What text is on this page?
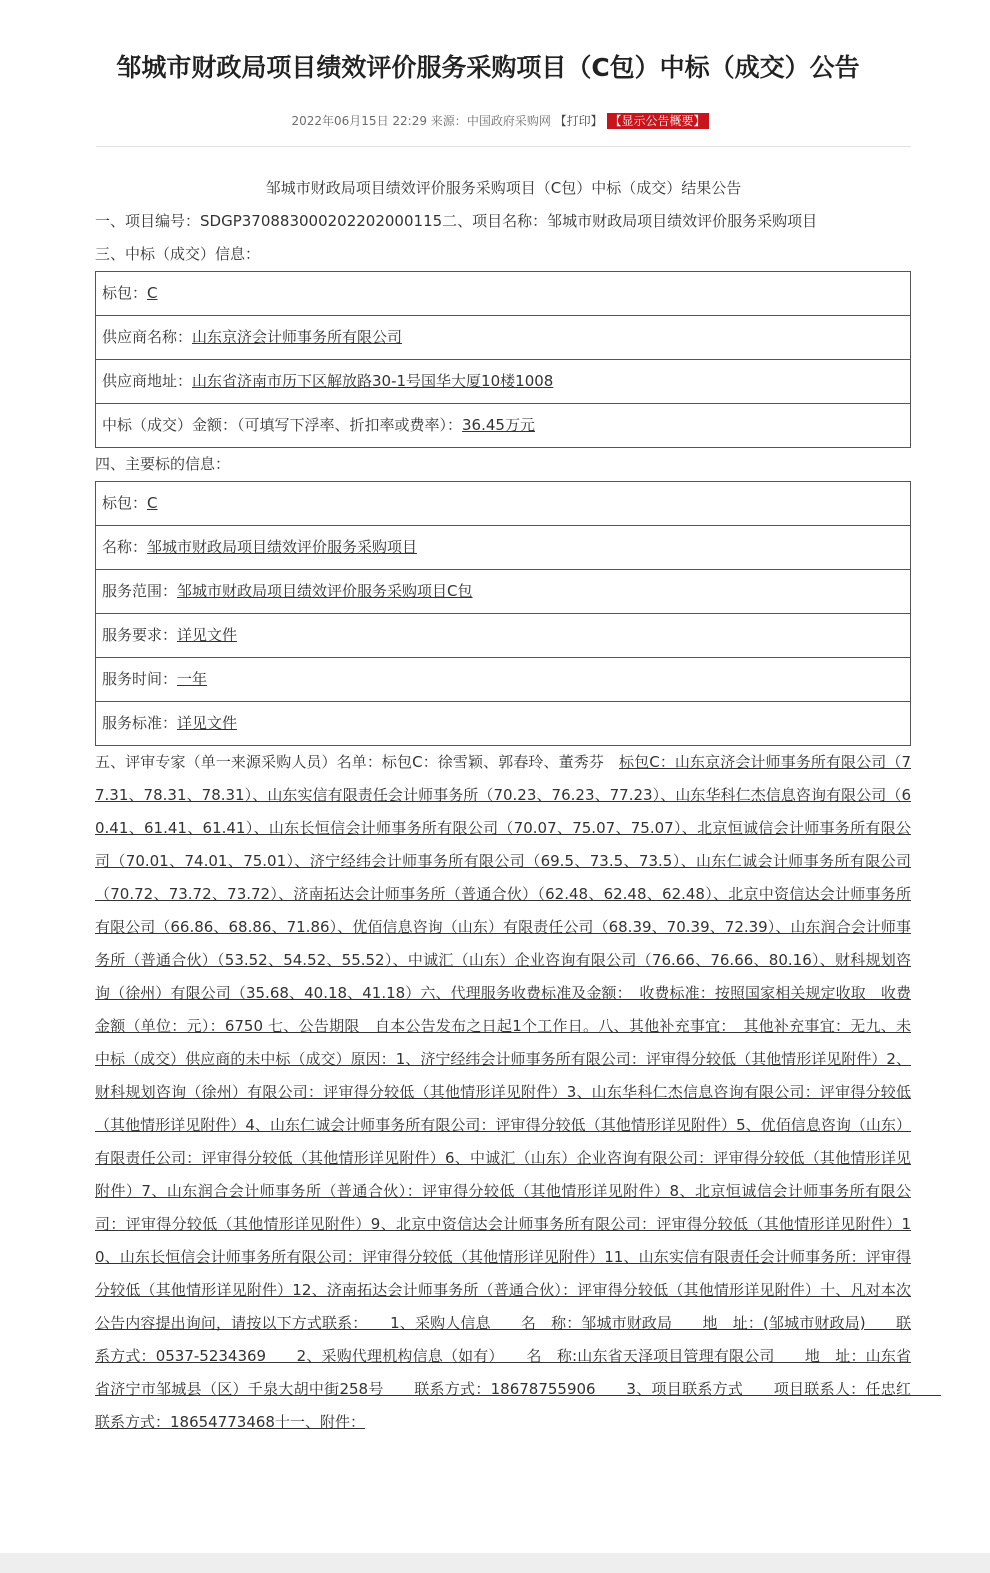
邹城市财政局项目绩效评价服务采购项目（C包）中标（成交）公告
2022年06月15日 22:29 来源：中国政府采购网 【打印】 【显示公告概要】
邹城市财政局项目绩效评价服务采购项目（C包）中标（成交）结果公告
一、项目编号：SDGP370883000202202000115二、项目名称：邹城市财政局项目绩效评价服务采购项目
三、中标（成交）信息：
标包：C
供应商名称：山东京济会计师事务所有限公司
供应商地址：山东省济南市历下区解放路30-1号国华大厦10楼1008
中标（成交）金额：（可填写下浮率、折扣率或费率）：36.45万元
四、主要标的信息：
标包：C
名称：邹城市财政局项目绩效评价服务采购项目
服务范围：邹城市财政局项目绩效评价服务采购项目C包
服务要求：详见文件
服务时间：一年
服务标准：详见文件
五、评审专家（单一来源采购人员）名单：标包C：徐雪颖、郭春玲、董秀芬　标包C：山东京济会计师事务所有限公司（77.31、78.31、78.31）、山东实信有限责任会计师事务所（70.23、76.23、77.23）、山东华科仁杰信息咨询有限公司（60.41、61.41、61.41）、山东长恒信会计师事务所有限公司（70.07、75.07、75.07）、北京恒诚信会计师事务所有限公司（70.01、74.01、75.01）、济宁经纬会计师事务所有限公司（69.5、73.5、73.5）、山东仁诚会计师事务所有限公司（70.72、73.72、73.72）、济南拓达会计师事务所（普通合伙）（62.48、62.48、62.48）、北京中资信达会计师事务所有限公司（66.86、68.86、71.86）、优佰信息咨询（山东）有限责任公司（68.39、70.39、72.39）、山东润合会计师事务所（普通合伙）（53.52、54.52、55.52）、中诚汇（山东）企业咨询有限公司（76.66、76.66、80.16）、财科规划咨询（徐州）有限公司（35.68、40.18、41.18）六、代理服务收费标准及金额：　收费标准：按照国家相关规定收取　收费金额（单位：元）：6750 七、公告期限　自本公告发布之日起1个工作日。八、其他补充事宜：　其他补充事宜：无九、未中标（成交）供应商的未中标（成交）原因：1、济宁经纬会计师事务所有限公司：评审得分较低（其他情形详见附件）2、财科规划咨询（徐州）有限公司：评审得分较低（其他情形详见附件）3、山东华科仁杰信息咨询有限公司：评审得分较低（其他情形详见附件）4、山东仁诚会计师事务所有限公司：评审得分较低（其他情形详见附件）5、优佰信息咨询（山东）有限责任公司：评审得分较低（其他情形详见附件）6、中诚汇（山东）企业咨询有限公司：评审得分较低（其他情形详见附件）7、山东润合会计师事务所（普通合伙）：评审得分较低（其他情形详见附件）8、北京恒诚信会计师事务所有限公司：评审得分较低（其他情形详见附件）9、北京中资信达会计师事务所有限公司：评审得分较低（其他情形详见附件）10、山东长恒信会计师事务所有限公司：评审得分较低（其他情形详见附件）11、山东实信有限责任会计师事务所：评审得分较低（其他情形详见附件）12、济南拓达会计师事务所（普通合伙）：评审得分较低（其他情形详见附件）十、凡对本次公告内容提出询问，请按以下方式联系：　　1、采购人信息　　名　称：邹城市财政局　　地　址：(邹城市财政局)　　联系方式：0537-5234369　　2、采购代理机构信息（如有）　　名　称:山东省天泽项目管理有限公司　　地　址：山东省省济宁市邹城县（区）千泉大胡中街258号　　联系方式：18678755906　　3、项目联系方式　　项目联系人：任忠红　　联系方式：18654773468十一、附件：
